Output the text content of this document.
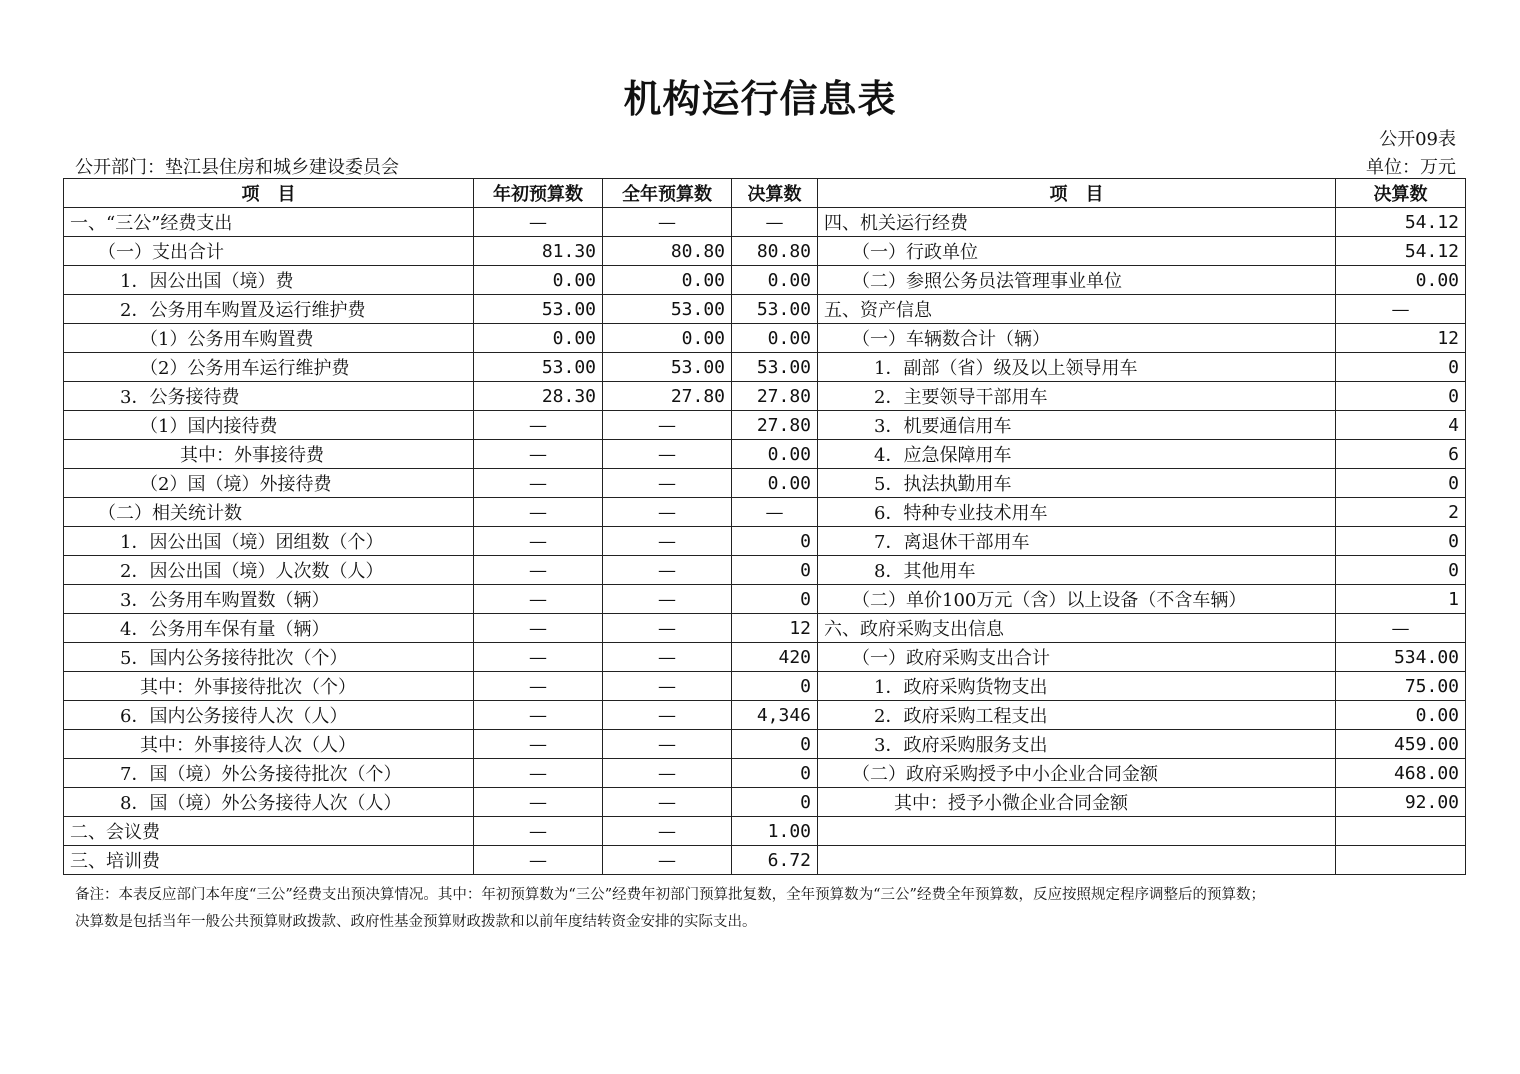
机构运行信息表
公开09表
公开部门：垫江县住房和城乡建设委员会	单位：万元
项　目	年初预算数	全年预算数	决算数	项　目	决算数
一、“三公”经费支出	—	—	—	四、机关运行经费	54.12
（一）支出合计	81.30	80.80	80.80	（一）行政单位	54.12
1．因公出国（境）费	0.00	0.00	0.00	（二）参照公务员法管理事业单位	0.00
2．公务用车购置及运行维护费	53.00	53.00	53.00	五、资产信息	—
（1）公务用车购置费	0.00	0.00	0.00	（一）车辆数合计（辆）	12
（2）公务用车运行维护费	53.00	53.00	53.00	1．副部（省）级及以上领导用车	0
3．公务接待费	28.30	27.80	27.80	2．主要领导干部用车	0
（1）国内接待费	—	—	27.80	3．机要通信用车	4
其中：外事接待费	—	—	0.00	4．应急保障用车	6
（2）国（境）外接待费	—	—	0.00	5．执法执勤用车	0
（二）相关统计数	—	—	—	6．特种专业技术用车	2
1．因公出国（境）团组数（个）	—	—	0	7．离退休干部用车	0
2．因公出国（境）人次数（人）	—	—	0	8．其他用车	0
3．公务用车购置数（辆）	—	—	0	（二）单价100万元（含）以上设备（不含车辆）	1
4．公务用车保有量（辆）	—	—	12	六、政府采购支出信息	—
5．国内公务接待批次（个）	—	—	420	（一）政府采购支出合计	534.00
其中：外事接待批次（个）	—	—	0	1．政府采购货物支出	75.00
6．国内公务接待人次（人）	—	—	4,346	2．政府采购工程支出	0.00
其中：外事接待人次（人）	—	—	0	3．政府采购服务支出	459.00
7．国（境）外公务接待批次（个）	—	—	0	（二）政府采购授予中小企业合同金额	468.00
8．国（境）外公务接待人次（人）	—	—	0	其中：授予小微企业合同金额	92.00
二、会议费	—	—	1.00		
三、培训费	—	—	6.72		
备注：本表反应部门本年度“三公”经费支出预决算情况。其中：年初预算数为“三公”经费年初部门预算批复数，全年预算数为“三公”经费全年预算数，反应按照规定程序调整后的预算数；
决算数是包括当年一般公共预算财政拨款、政府性基金预算财政拨款和以前年度结转资金安排的实际支出。
